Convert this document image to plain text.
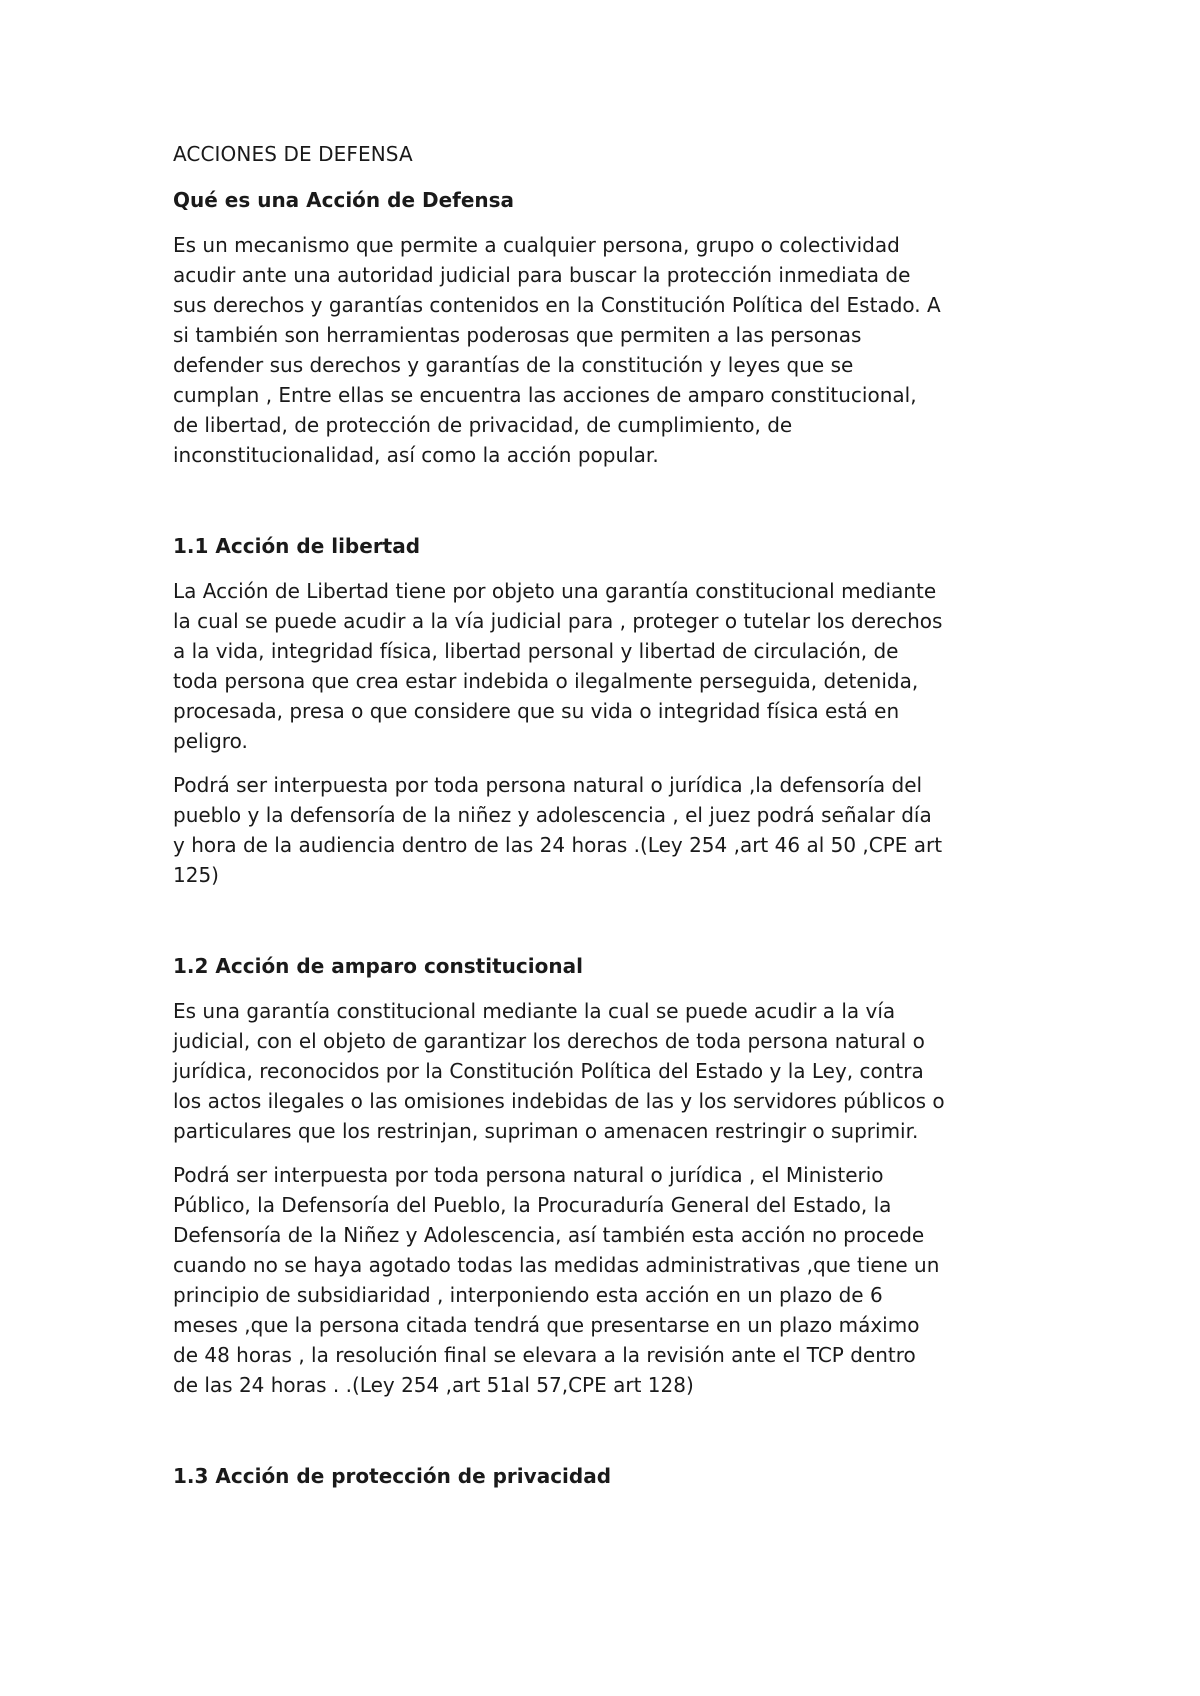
ACCIONES DE DEFENSA
Qué es una Acción de Defensa
Es un mecanismo que permite a cualquier persona, grupo o colectividad
acudir ante una autoridad judicial para buscar la protección inmediata de
sus derechos y garantías contenidos en la Constitución Política del Estado. A
si también son herramientas poderosas que permiten a las personas
defender sus derechos y garantías de la constitución y leyes que se
cumplan , Entre ellas se encuentra las acciones de amparo constitucional,
de libertad, de protección de privacidad, de cumplimiento, de
inconstitucionalidad, así como la acción popular.
1.1 Acción de libertad
La Acción de Libertad tiene por objeto una garantía constitucional mediante
la cual se puede acudir a la vía judicial para , proteger o tutelar los derechos
a la vida, integridad física, libertad personal y libertad de circulación, de
toda persona que crea estar indebida o ilegalmente perseguida, detenida,
procesada, presa o que considere que su vida o integridad física está en
peligro.
Podrá ser interpuesta por toda persona natural o jurídica ,la defensoría del
pueblo y la defensoría de la niñez y adolescencia , el juez podrá señalar día
y hora de la audiencia dentro de las 24 horas .(Ley 254 ,art 46 al 50 ,CPE art
125)
1.2 Acción de amparo constitucional
Es una garantía constitucional mediante la cual se puede acudir a la vía
judicial, con el objeto de garantizar los derechos de toda persona natural o
jurídica, reconocidos por la Constitución Política del Estado y la Ley, contra
los actos ilegales o las omisiones indebidas de las y los servidores públicos o
particulares que los restrinjan, supriman o amenacen restringir o suprimir.
Podrá ser interpuesta por toda persona natural o jurídica , el Ministerio
Público, la Defensoría del Pueblo, la Procuraduría General del Estado, la
Defensoría de la Niñez y Adolescencia, así también esta acción no procede
cuando no se haya agotado todas las medidas administrativas ,que tiene un
principio de subsidiaridad , interponiendo esta acción en un plazo de 6
meses ,que la persona citada tendrá que presentarse en un plazo máximo
de 48 horas , la resolución final se elevara a la revisión ante el TCP dentro
de las 24 horas . .(Ley 254 ,art 51al 57,CPE art 128)
1.3 Acción de protección de privacidad
